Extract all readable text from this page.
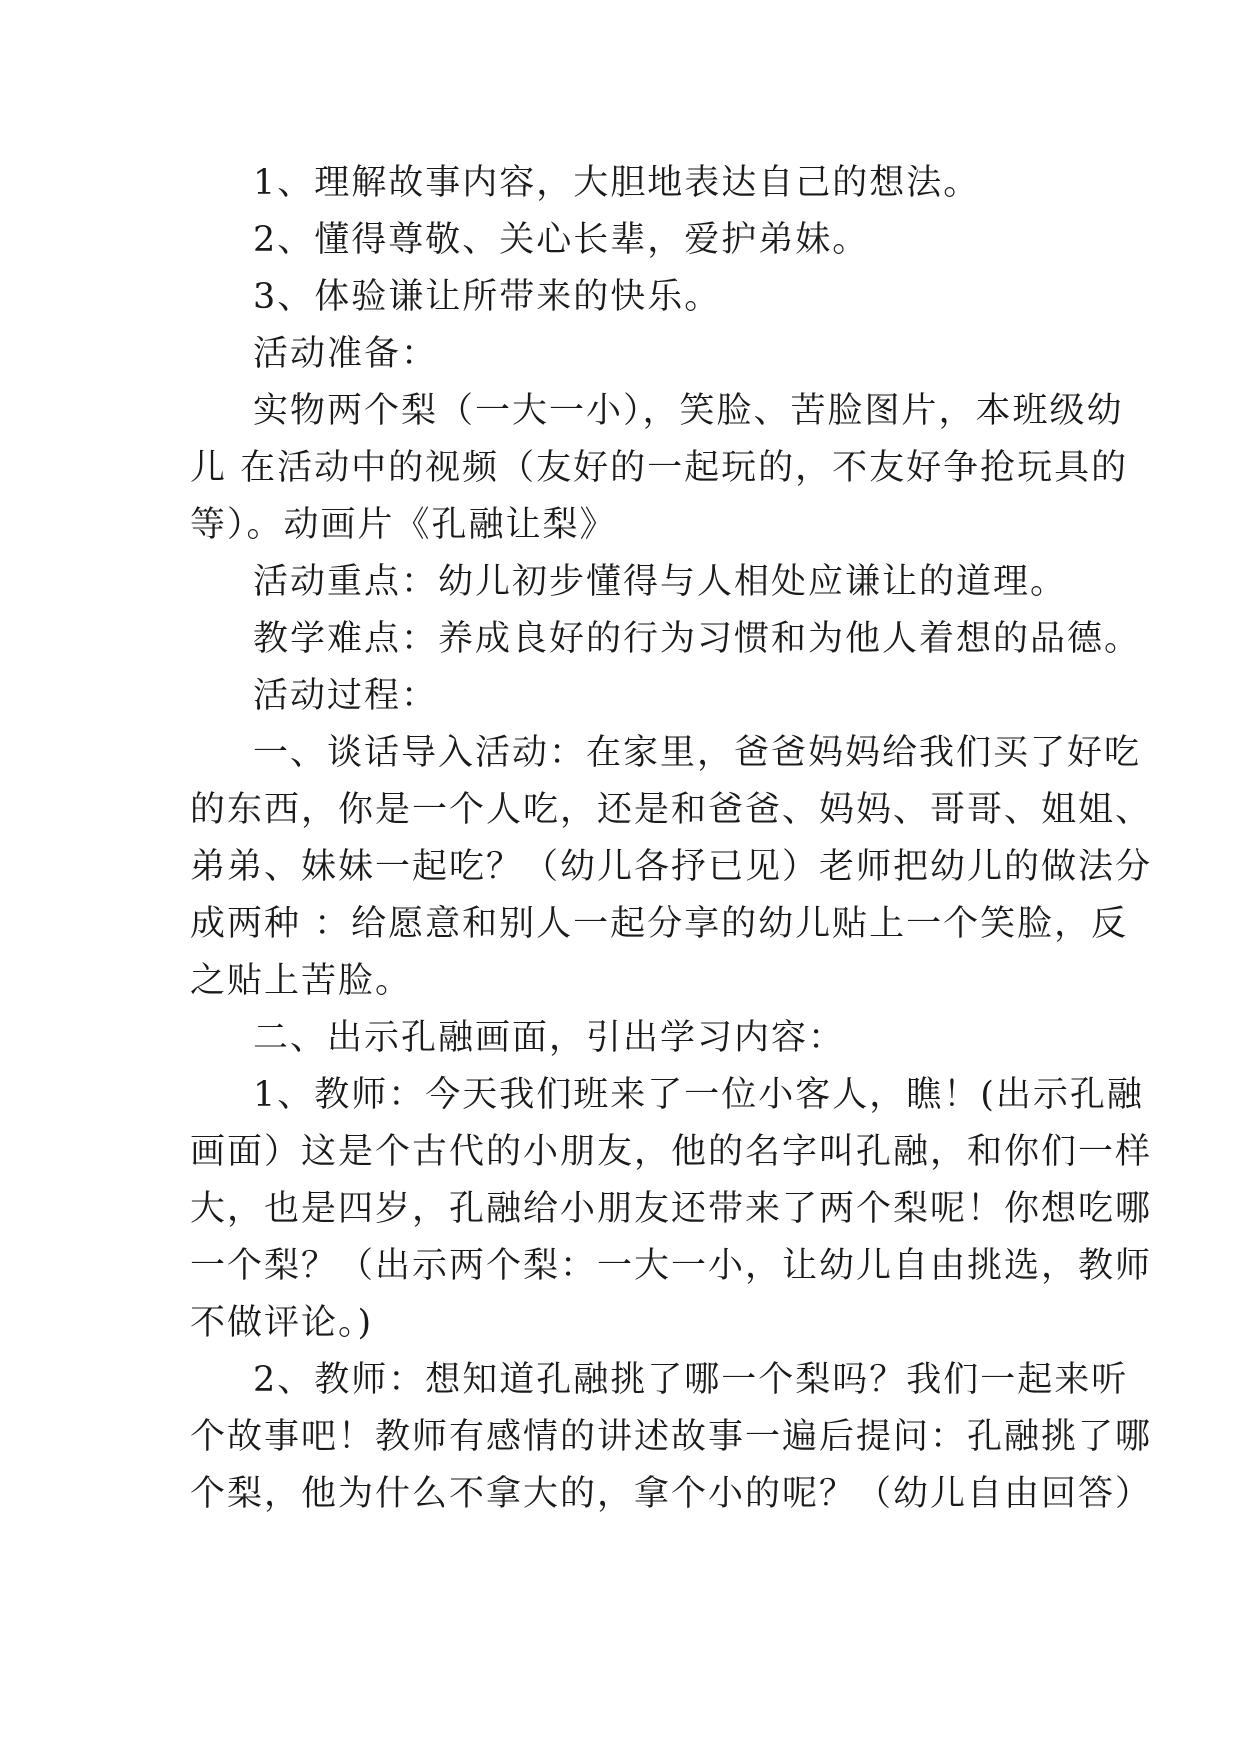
1、理解故事内容，大胆地表达自己的想法。
2、懂得尊敬、关心长辈，爱护弟妹。
3、体验谦让所带来的快乐。
活动准备：
实物两个梨（一大一小），笑脸、苦脸图片，本班级幼
儿 在活动中的视频（友好的一起玩的，不友好争抢玩具的
等）。动画片《孔融让梨》
活动重点：幼儿初步懂得与人相处应谦让的道理。
教学难点：养成良好的行为习惯和为他人着想的品德。
活动过程：
一、谈话导入活动：在家里，爸爸妈妈给我们买了好吃
的东西，你是一个人吃，还是和爸爸、妈妈、哥哥、姐姐、
弟弟、妹妹一起吃？（幼儿各抒已见）老师把幼儿的做法分
成两种 ：给愿意和别人一起分享的幼儿贴上一个笑脸，反
之贴上苦脸。
二、出示孔融画面，引出学习内容：
1、教师：今天我们班来了一位小客人，瞧！(出示孔融
画面）这是个古代的小朋友，他的名字叫孔融，和你们一样
大，也是四岁，孔融给小朋友还带来了两个梨呢！你想吃哪
一个梨？（出示两个梨：一大一小，让幼儿自由挑选，教师
不做评论。)
2、教师：想知道孔融挑了哪一个梨吗？我们一起来听
个故事吧！教师有感情的讲述故事一遍后提问：孔融挑了哪
个梨，他为什么不拿大的，拿个小的呢？（幼儿自由回答）
